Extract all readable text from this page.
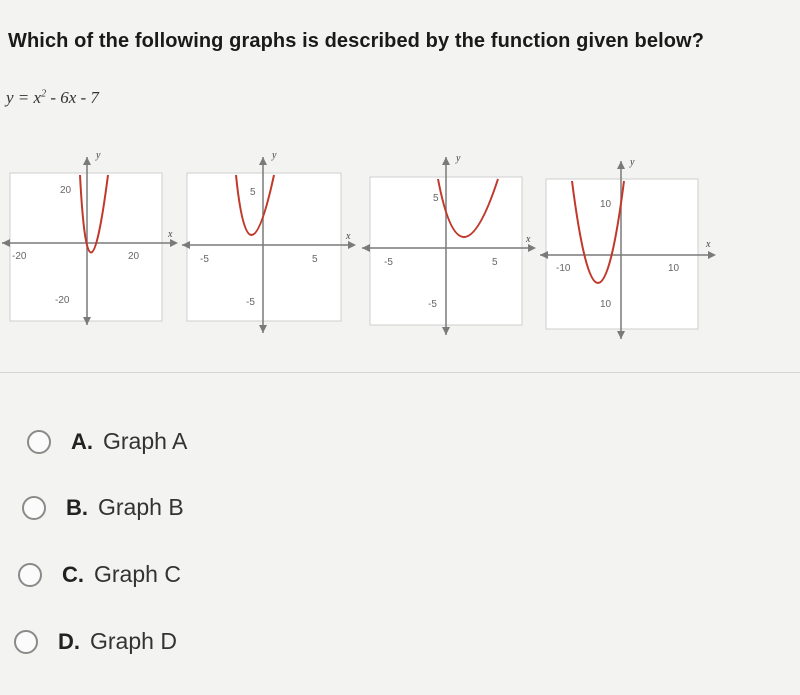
Which of the following graphs is described by the function given below?
$y = x^2 - 6x - 7$
x
y
-20	20
-20
20
x
y
-5	5
-5
5
x
y
-5	5
-5
5
x
y
-10	10
10
10
A. Graph A
B. Graph B
C. Graph C
D. Graph D
